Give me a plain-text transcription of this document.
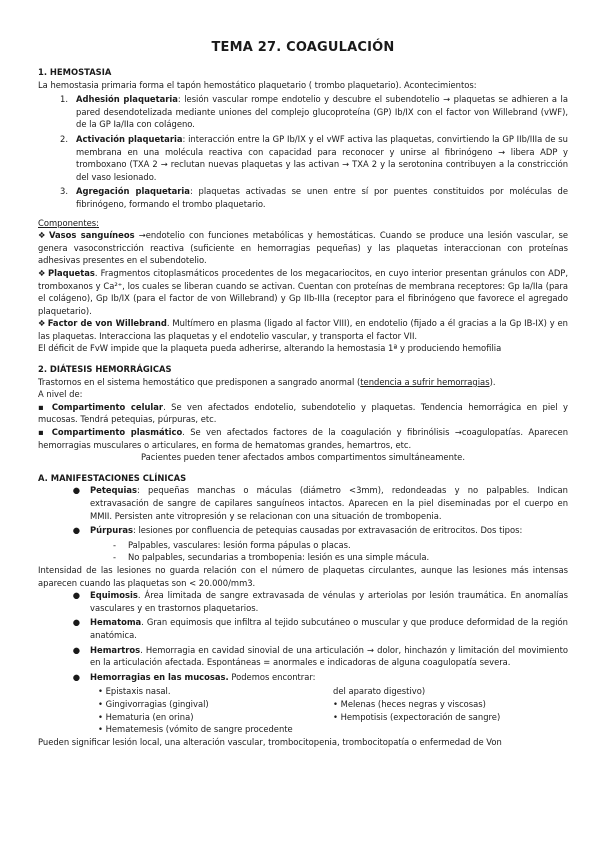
TEMA 27. COAGULACIÓN
1. HEMOSTASIA
La hemostasia primaria forma el tapón hemostático plaquetario ( trombo plaquetario). Acontecimientos:
1. Adhesión plaquetaria: lesión vascular rompe endotelio y descubre el subendotelio → plaquetas se adhieren a la pared desendotelizada mediante uniones del complejo glucoproteína (GP) Ib/IX con el factor von Willebrand (vWF), de la GP Ia/IIa con colágeno.
2. Activación plaquetaria: interacción entre la GP Ib/IX y el vWF activa las plaquetas, convirtiendo la GP IIb/IIIa de su membrana en una molécula reactiva con capacidad para reconocer y unirse al fibrinógeno → libera ADP y tromboxano (TXA 2 → reclutan nuevas plaquetas y las activan → TXA 2 y la serotonina contribuyen a la constricción del vaso lesionado.
3. Agregación plaquetaria: plaquetas activadas se unen entre sí por puentes constituidos por moléculas de fibrinógeno, formando el trombo plaquetario.
Componentes:
❖ Vasos sanguíneos →endotelio con funciones metabólicas y hemostáticas. Cuando se produce una lesión vascular, se genera vasoconstricción reactiva (suficiente en hemorragias pequeñas) y las plaquetas interaccionan con proteínas adhesivas presentes en el subendotelio.
❖ Plaquetas. Fragmentos citoplasmáticos procedentes de los megacariocitos, en cuyo interior presentan gránulos con ADP, tromboxanos y Ca²⁺, los cuales se liberan cuando se activan. Cuentan con proteínas de membrana receptores: Gp Ia/IIa (para el colágeno), Gp Ib/IX (para el factor de von Willebrand) y Gp IIb-IIIa (receptor para el fibrinógeno que favorece el agregado plaquetario).
❖ Factor de von Willebrand. Multímero en plasma (ligado al factor VIII), en endotelio (fijado a él gracias a la Gp IB-IX) y en las plaquetas. Interacciona las plaquetas y el endotelio vascular, y transporta el factor VII.
El déficit de FvW impide que la plaqueta pueda adherirse, alterando la hemostasia 1ª y produciendo hemofilia
2. DIÁTESIS HEMORRÁGICAS
Trastornos en el sistema hemostático que predisponen a sangrado anormal (tendencia a sufrir hemorragias).
A nivel de:
▪ Compartimento celular. Se ven afectados endotelio, subendotelio y plaquetas. Tendencia hemorrágica en piel y mucosas. Tendrá petequias, púrpuras, etc.
▪ Compartimento plasmático. Se ven afectados factores de la coagulación y fibrinólisis →coagulopatías. Aparecen hemorragias musculares o articulares, en forma de hematomas grandes, hemartros, etc.
Pacientes pueden tener afectados ambos compartimentos simultáneamente.
A. MANIFESTACIONES CLÍNICAS
●	Petequias: pequeñas manchas o máculas (diámetro <3mm), redondeadas y no palpables. Indican extravasación de sangre de capilares sanguíneos intactos. Aparecen en la piel diseminadas por el cuerpo en MMII. Persisten ante vitropresión y se relacionan con una situación de trombopenia.
●	Púrpuras: lesiones por confluencia de petequias causadas por extravasación de eritrocitos. Dos tipos:
-	Palpables, vasculares: lesión forma pápulas o placas.
-	No palpables, secundarias a trombopenia: lesión es una simple mácula.
Intensidad de las lesiones no guarda relación con el número de plaquetas circulantes, aunque las lesiones más intensas aparecen cuando las plaquetas son < 20.000/mm3.
●	Equimosis. Área limitada de sangre extravasada de vénulas y arteriolas por lesión traumática. En anomalías vasculares y en trastornos plaquetarios.
●	Hematoma. Gran equimosis que infiltra al tejido subcutáneo o muscular y que produce deformidad de la región anatómica.
●	Hemartros. Hemorragia en cavidad sinovial de una articulación → dolor, hinchazón y limitación del movimiento en la articulación afectada. Espontáneas = anormales e indicadoras de alguna coagulopatía severa.
●	Hemorragias en las mucosas. Podemos encontrar:
• Epistaxis nasal.
• Gingivorragias (gingival)
• Hematuria (en orina)
• Hematemesis (vómito de sangre procedente
del aparato digestivo)
• Melenas (heces negras y viscosas)
• Hempotisis (expectoración de sangre)
Pueden significar lesión local, una alteración vascular, trombocitopenia, trombocitopatía o enfermedad de Von
